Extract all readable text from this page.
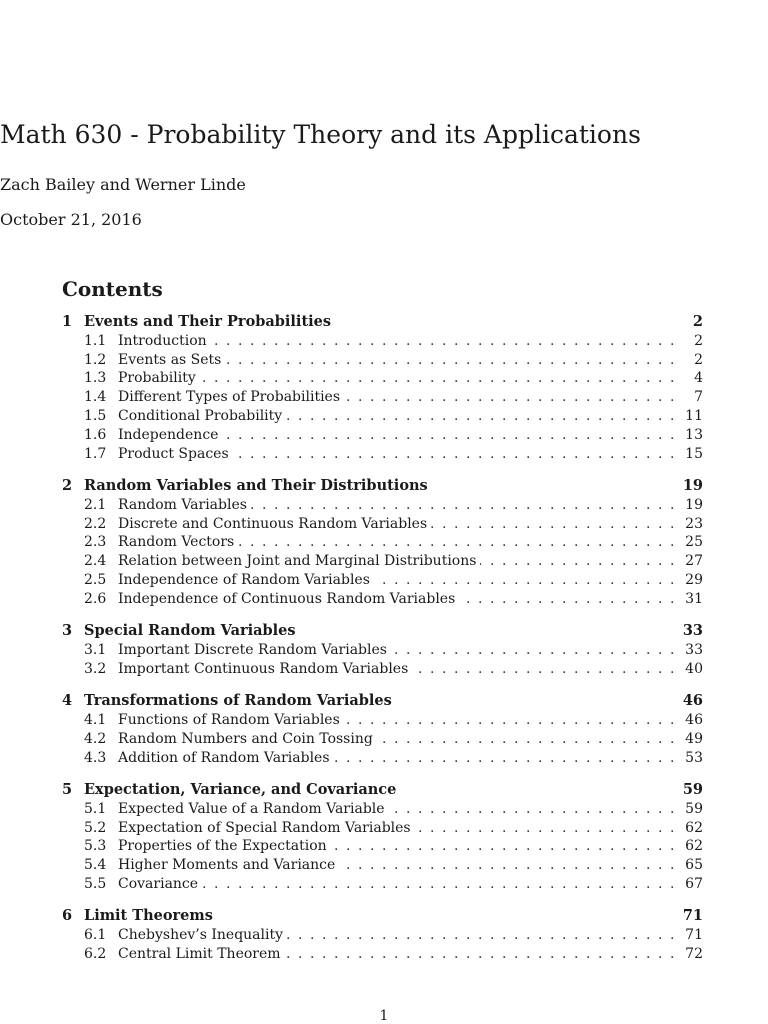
Math 630 - Probability Theory and its Applications
Zach Bailey and Werner Linde
October 21, 2016
Contents
1 Events and Their Probabilities	2
1.1 . . . Introduction	2
1.2 . . . Events as Sets	2
1.3 . . . Probability	4
1.4 . . . Different Types of Probabilities	7
1.5 . . . Conditional Probability	11
1.6 . . . Independence	13
1.7 . . . Product Spaces	15
2 Random Variables and Their Distributions	19
2.1 . . . Random Variables	19
2.2 . . . Discrete and Continuous Random Variables	23
2.3 . . . Random Vectors	25
2.4 . . . Relation between Joint and Marginal Distributions	27
2.5 . . . Independence of Random Variables	29
2.6 . . . Independence of Continuous Random Variables	31
3 Special Random Variables	33
3.1 . . . Important Discrete Random Variables	33
3.2 . . . Important Continuous Random Variables	40
4 Transformations of Random Variables	46
4.1 . . . Functions of Random Variables	46
4.2 . . . Random Numbers and Coin Tossing	49
4.3 . . . Addition of Random Variables	53
5 Expectation, Variance, and Covariance	59
5.1 . . . Expected Value of a Random Variable	59
5.2 . . . Expectation of Special Random Variables	62
5.3 . . . Properties of the Expectation	62
5.4 . . . Higher Moments and Variance	65
5.5 . . . Covariance	67
6 Limit Theorems	71
6.1 . . . Chebyshev’s Inequality	71
6.2 . . . Central Limit Theorem	72
1
